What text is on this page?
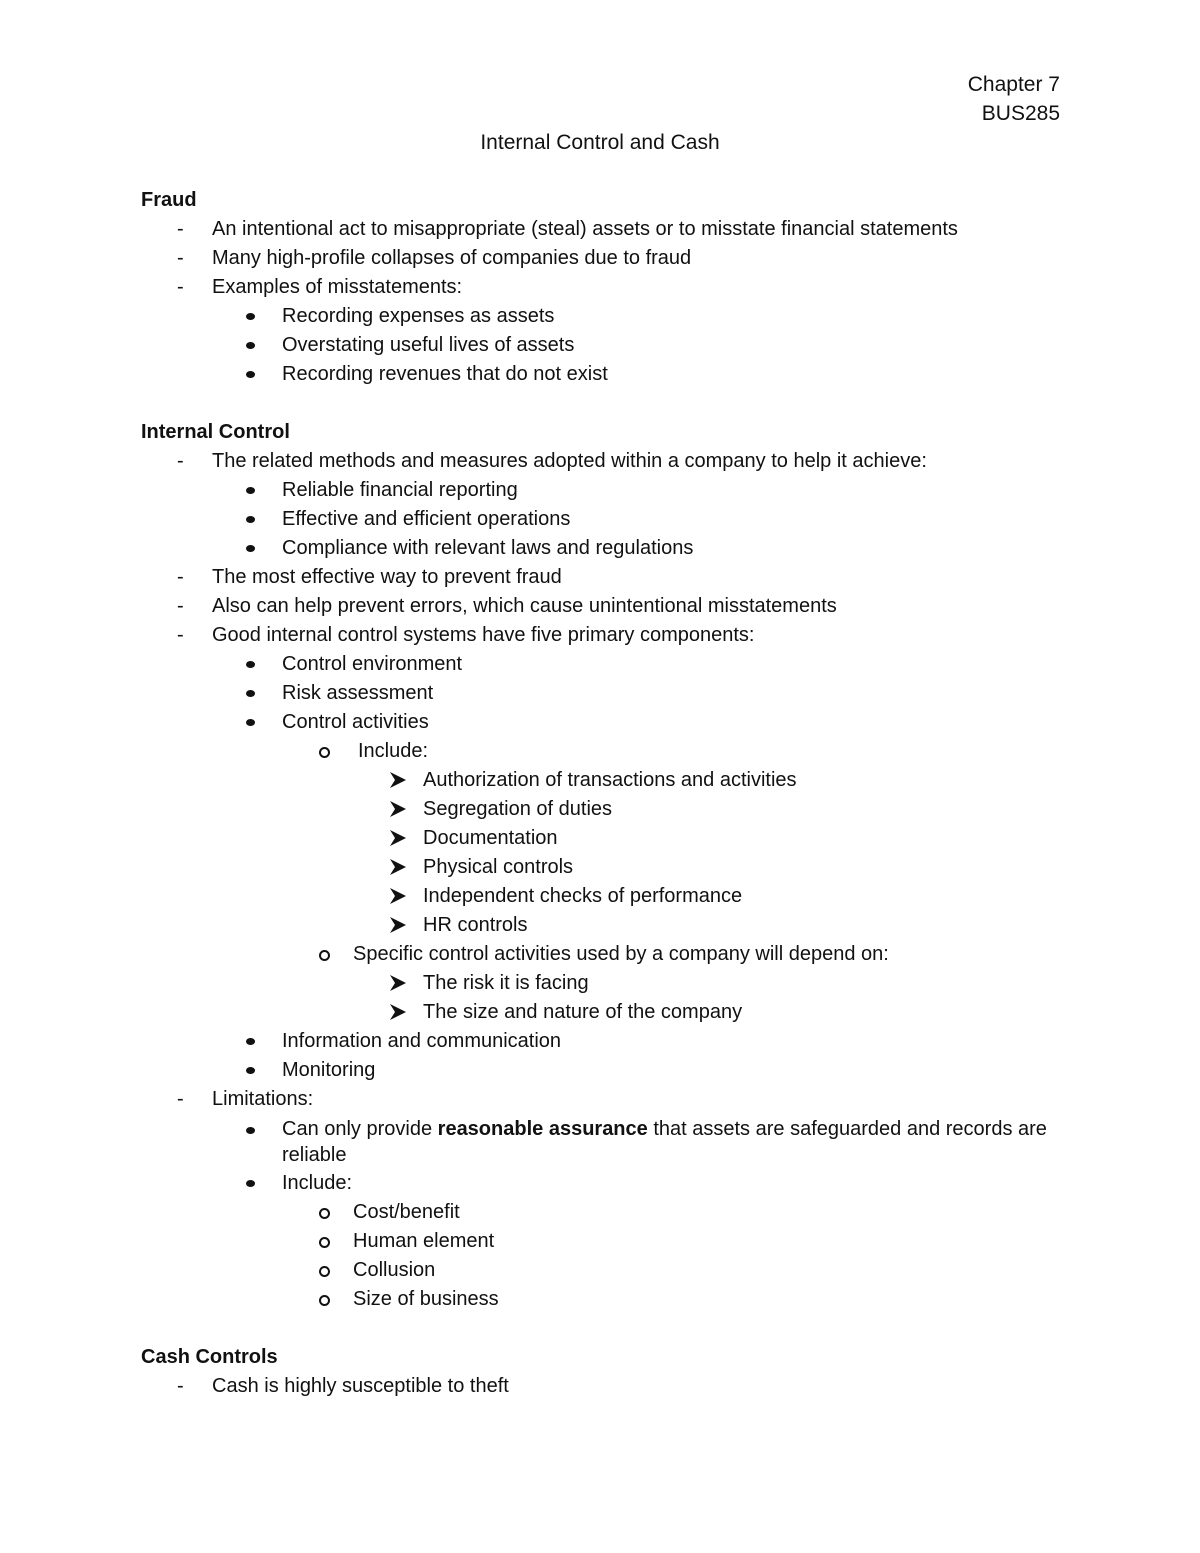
Chapter 7
BUS285
Internal Control and Cash
Fraud
-
An intentional act to misappropriate (steal) assets or to misstate financial statements
-
Many high-profile collapses of companies due to fraud
-
Examples of misstatements:
Recording expenses as assets
Overstating useful lives of assets
Recording revenues that do not exist
Internal Control
-
The related methods and measures adopted within a company to help it achieve:
Reliable financial reporting
Effective and efficient operations
Compliance with relevant laws and regulations
-
The most effective way to prevent fraud
-
Also can help prevent errors, which cause unintentional misstatements
-
Good internal control systems have five primary components:
Control environment
Risk assessment
Control activities
Include:
Authorization of transactions and activities
Segregation of duties
Documentation
Physical controls
Independent checks of performance
HR controls
Specific control activities used by a company will depend on:
The risk it is facing
The size and nature of the company
Information and communication
Monitoring
-
Limitations:
Can only provide reasonable assurance that assets are safeguarded and records are reliable
Include:
Cost/benefit
Human element
Collusion
Size of business
Cash Controls
-
Cash is highly susceptible to theft
